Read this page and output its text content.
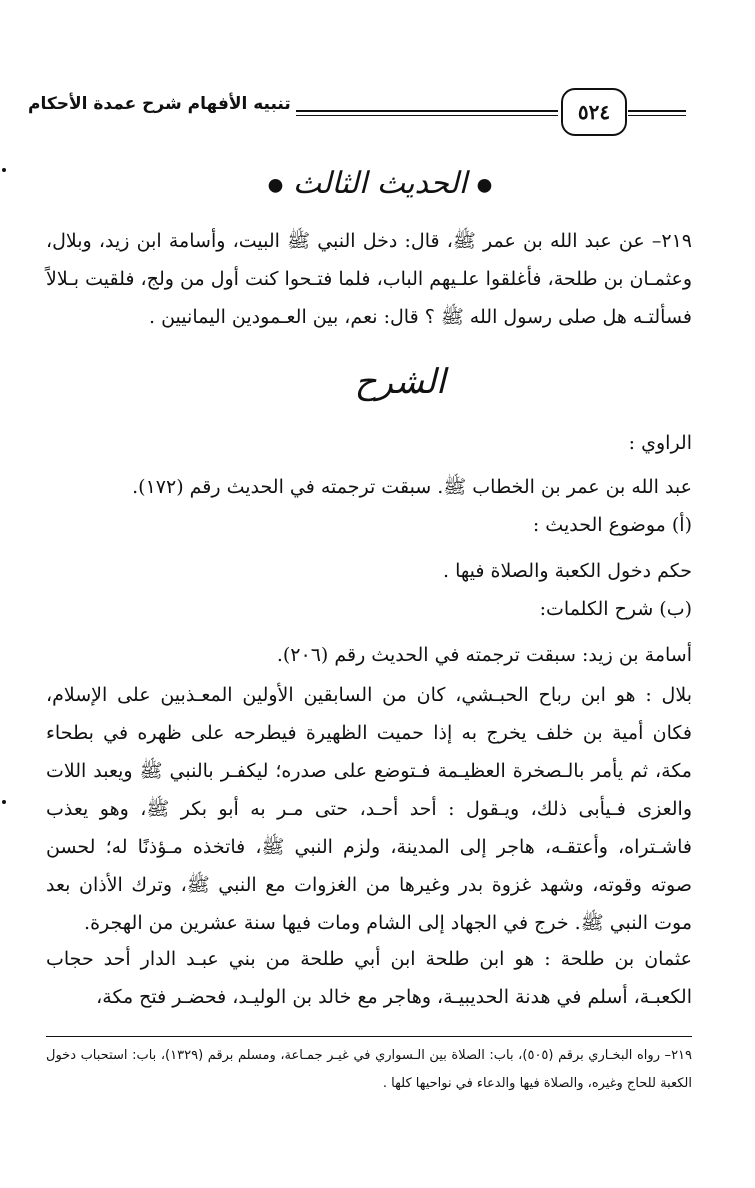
تنبيه الأفهام شرح عمدة الأحكام	٥٢٤
● الحديث الثالث ●
٢١٩– عن عبد الله بن عمر ﷺ، قال: دخل النبي ﷺ البيت، وأسامة ابن زيد، وبلال، وعثمـان بن طلحة، فأغلقوا علـيهم الباب، فلما فتـحوا كنت أول من ولج، فلقيت بـلالاً فسألتـه هل صلى رسول الله ﷺ ؟ قال: نعم، بين العـمودين اليمانيين .
الشرح
الراوي :
عبد الله بن عمر بن الخطاب ﷺ. سبقت ترجمته في الحديث رقم (١٧٢).
(أ) موضوع الحديث :
حكم دخول الكعبة والصلاة فيها .
(ب) شرح الكلمات:
أسامة بن زيد: سبقت ترجمته في الحديث رقم (٢٠٦).
بلال : هو ابن رباح الحبـشي، كان من السابقين الأولين المعـذبين على الإسلام، فكان أمية بن خلف يخرج به إذا حميت الظهيرة فيطرحه على ظهره في بطحاء مكة، ثم يأمر بالـصخرة العظيـمة فـتوضع على صدره؛ ليكفـر بالنبي ﷺ ويعبد اللات والعزى فـيأبى ذلك، ويـقول : أحد أحـد، حتى مـر به أبو بكر ﷺ، وهو يعذب فاشـتراه، وأعتقـه، هاجر إلى المدينة، ولزم النبي ﷺ، فاتخذه مـؤذنًا له؛ لحسن صوته وقوته، وشهد غزوة بدر وغيرها من الغزوات مع النبي ﷺ، وترك الأذان بعد موت النبي ﷺ. خرج في الجهاد إلى الشام ومات فيها سنة عشرين من الهجرة.
عثمان بن طلحة : هو ابن طلحة ابن أبي طلحة من بني عبـد الدار أحد حجاب الكعبـة، أسلم في هدنة الحديبيـة، وهاجر مع خالد بن الوليـد، فحضـر فتح مكة،
٢١٩– رواه البخـاري برقم (٥٠٥)، باب: الصلاة بين الـسواري في غيـر جمـاعة، ومسلم برقم (١٣٢٩)، باب: استحباب دخول الكعبة للحاج وغيره، والصلاة فيها والدعاء في نواحيها كلها .
